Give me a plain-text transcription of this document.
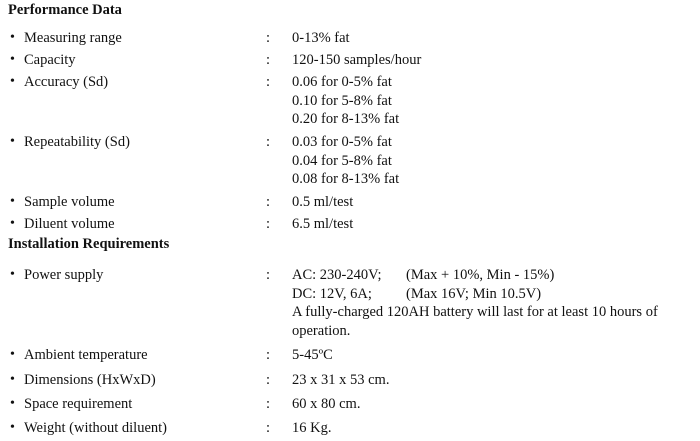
Performance Data
• Measuring range	: 0-13% fat
• Capacity	: 120-150 samples/hour
• Accuracy (Sd)	: 0.06 for 0-5% fat
0.10 for 5-8% fat
0.20 for 8-13% fat
• Repeatability (Sd)	: 0.03 for 0-5% fat
0.04 for 5-8% fat
0.08 for 8-13% fat
• Sample volume	: 0.5 ml/test
• Diluent volume	: 6.5 ml/test
Installation Requirements
• Power supply	: AC: 230-240V; (Max + 10%, Min - 15%)
DC: 12V, 6A; (Max 16V; Min 10.5V)
A fully-charged 120AH battery will last for at least 10 hours of operation.
• Ambient temperature	: 5-45ºC
• Dimensions (HxWxD)	: 23 x 31 x 53 cm.
• Space requirement	: 60 x 80 cm.
• Weight (without diluent)	: 16 Kg.
